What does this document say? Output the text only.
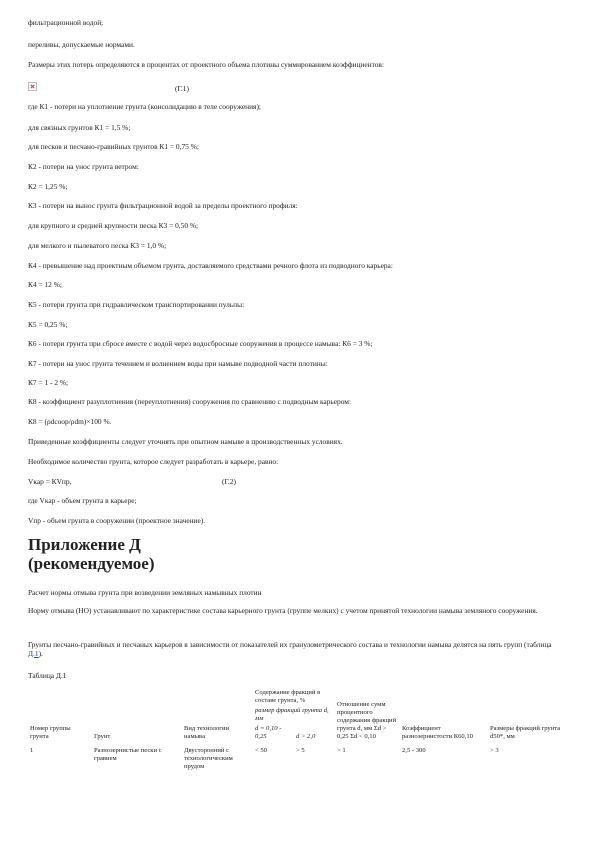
фильтрационной водой;
переливы, допускаемые нормами.
Размеры этих потерь определяются в процентах от проектного объема плотины суммированием коэффициентов:
(Г.1)
где К1 - потери на уплотнение грунта (консолидацию в теле сооружения);
для связных грунтов К1 = 1,5 %;
для песков и песчано-гравийных грунтов К1 = 0,75 %;
К2 - потери на унос грунта ветром:
К2 = 1,25 %;
К3 - потери на вынос грунта фильтрационной водой за пределы проектного профиля:
для крупного и средней крупности песка К3 = 0,50 %;
для мелкого и пылеватого песка К3 = 1,0 %;
К4 - превышение над проектным объемом грунта, доставляемого средствами речного флота из подводного карьера:
К4 = 12 %;
К5 - потери грунта при гидравлическом транспортировании пульпы:
К5 = 0,25 %;
К6 - потери грунта при сбросе вместе с водой через водосбросные сооружения в процессе намыва: К6 = 3 %;
К7 - потери на унос грунта течением и волнением воды при намыве подводной части плотины:
К7 = 1 - 2 %;
К8 - коэффициент разуплотнения (переуплотнения) сооружения по сравнению с подводным карьером:
К8 = (ρdсоор/ρdm)×100 %.
Приведенные коэффициенты следует уточнять при опытном намыве в производственных условиях.
Необходимое количество грунта, которое следует разработать в карьере, равно:
Vкар = КVпр,	(Г.2)
где Vкар - объем грунта в карьере;
Vпр - объем грунта в сооружении (проектное значение).
Приложение Д
(рекомендуемое)
Расчет нормы отмыва грунта при возведении земляных намывных плотин
Норму отмыва (НО) устанавливают по характеристике состава карьерного грунта (группе мелких) с учетом принятой технологии намыва земляного сооружения.
Грунты песчано-гравийных и песчаных карьеров в зависимости от показателей их гранулометрического состава и технологии намыва делятся на пять групп (таблица Д.1).
Таблица Д.1
Номер группы грунта	Грунт	Вид технологии намыва	Содержание фракций в составе грунта, %		Отношение сумм процентного содержания фракций грунта d, мм Σd > 0,25 Σd < 0,10	Коэффициент разнозернистости К60,10	Размеры фракций грунта d50*, мм
			размер фракций грунта d, мм				
			d = 0,10 - 0,25	d > 2,0			
1	Разнозернистые пески с гравием	Двусторонний с технологическим прудом	< 50	> 5	> 1	2,5 - 300	> 3
